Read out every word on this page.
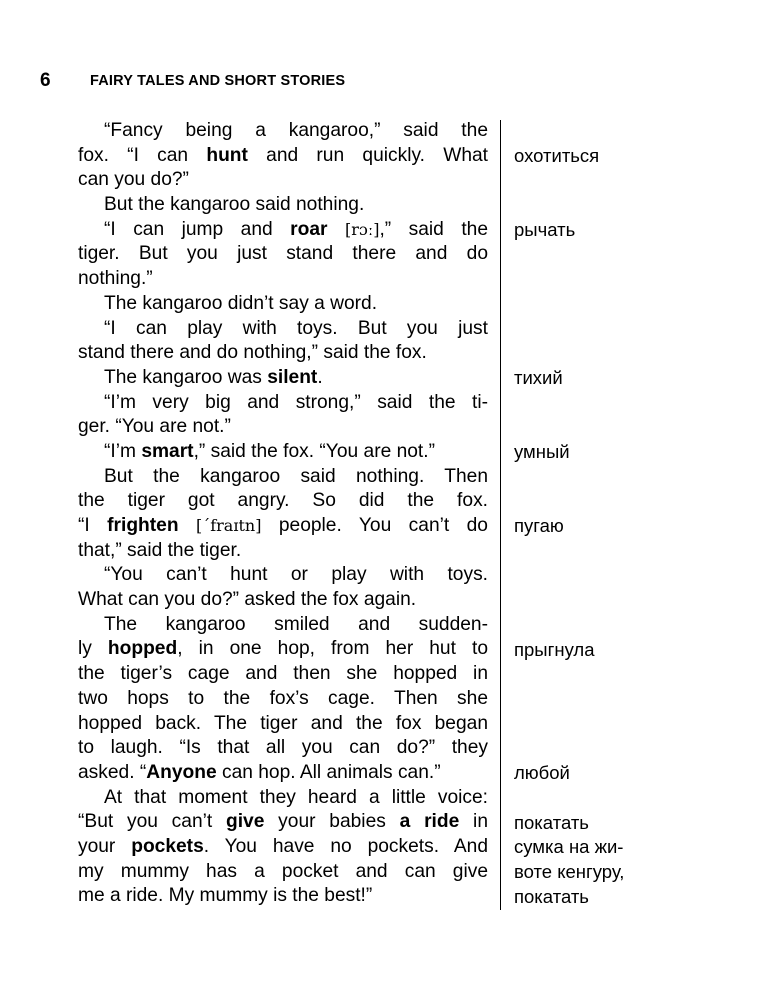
6	FAIRY TALES AND SHORT STORIES
“Fancy being a kangaroo,” said the
fox. “I can hunt and run quickly. What
can you do?”
But the kangaroo said nothing.
“I can jump and roar [rɔː],” said the
tiger. But you just stand there and do
nothing.”
The kangaroo didn’t say a word.
“I can play with toys. But you just
stand there and do nothing,” said the fox.
The kangaroo was silent.
“I’m very big and strong,” said the ti-
ger. “You are not.”
“I’m smart,” said the fox. “You are not.”
But the kangaroo said nothing. Then
the tiger got angry. So did the fox.
“I frighten [΄fraɪtn] people. You can’t do
that,” said the tiger.
“You can’t hunt or play with toys.
What can you do?” asked the fox again.
The kangaroo smiled and sudden-
ly hopped, in one hop, from her hut to
the tiger’s cage and then she hopped in
two hops to the fox’s cage. Then she
hopped back. The tiger and the fox began
to laugh. “Is that all you can do?” they
asked. “Anyone can hop. All animals can.”
At that moment they heard a little voice:
“But you can’t give your babies a ride in
your pockets. You have no pockets. And
my mummy has a pocket and can give
me a ride. My mummy is the best!”
охотиться
рычать
тихий
умный
пугаю
прыгнула
любой
покатать
сумка на жи-
воте кенгуру,
покатать
